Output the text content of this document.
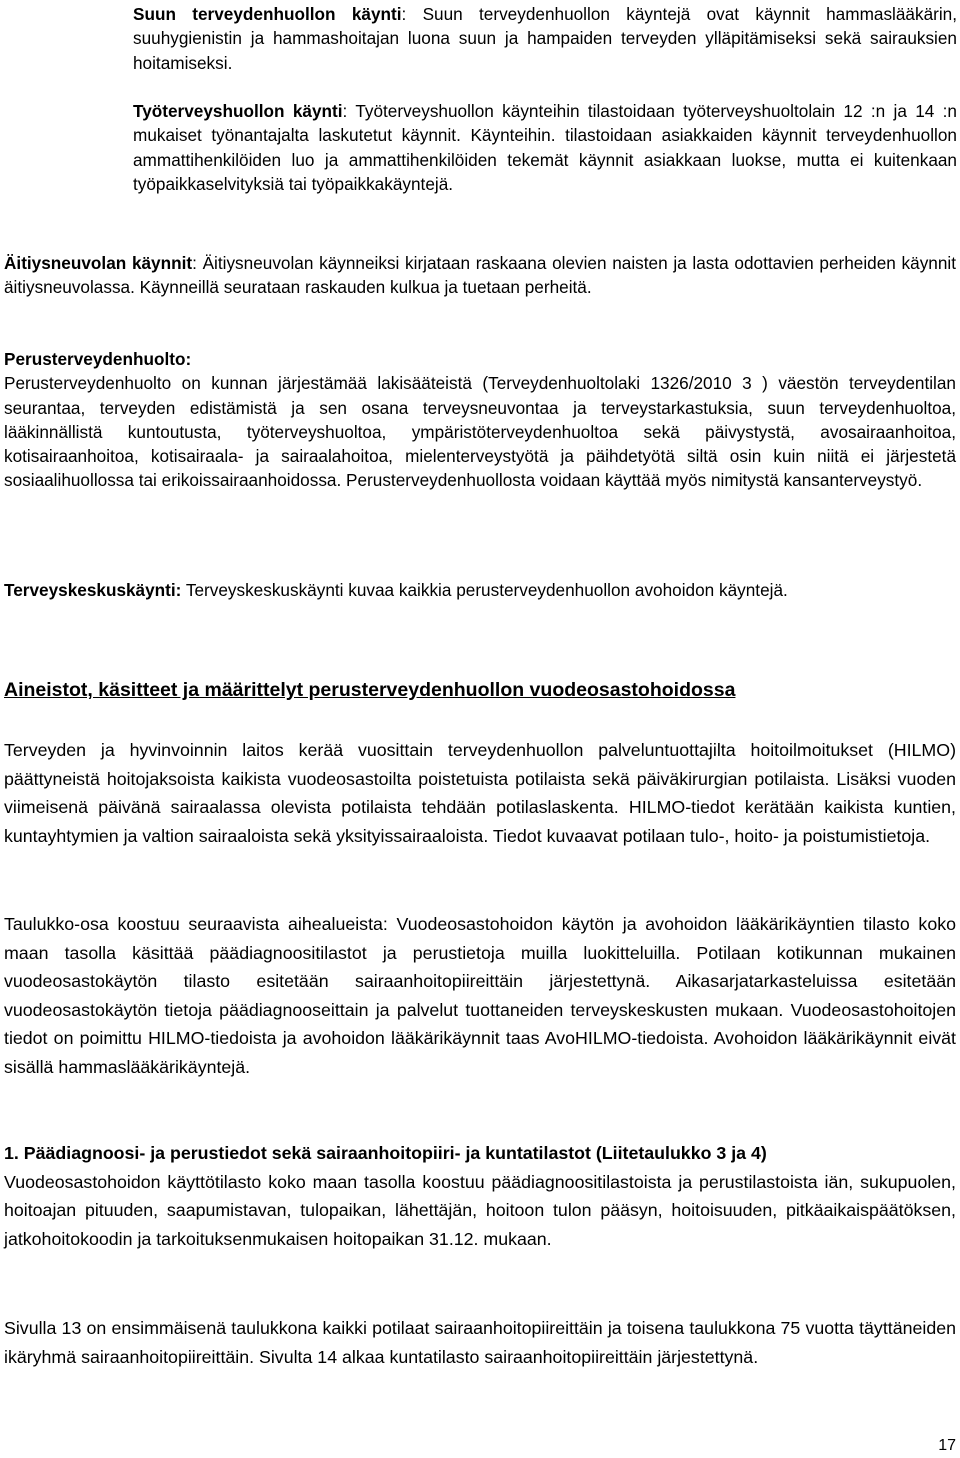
Suun terveydenhuollon käynti: Suun terveydenhuollon käyntejä ovat käynnit hammaslääkärin, suuhygienistin ja hammashoitajan luona suun ja hampaiden terveyden ylläpitämiseksi sekä sairauksien hoitamiseksi.

Työterveyshuollon käynti: Työterveyshuollon käynteihin tilastoidaan työterveyshuoltolain 12 :n ja 14 :n mukaiset työnantajalta laskutetut käynnit. Käynteihin. tilastoidaan asiakkaiden käynnit terveydenhuollon ammattihenkilöiden luo ja ammattihenkilöiden tekemät käynnit asiakkaan luokse, mutta ei kuitenkaan työpaikkaselvityksiä tai työpaikkakäyntejä.

Äitiysneuvolan käynnit: Äitiysneuvolan käynneiksi kirjataan raskaana olevien naisten ja lasta odottavien perheiden käynnit äitiysneuvolassa. Käynneillä seurataan raskauden kulkua ja tuetaan perheitä.

Perusterveydenhuolto:

Perusterveydenhuolto on kunnan järjestämää lakisääteistä (Terveydenhuoltolaki 1326/2010 3 ) väestön terveydentilan seurantaa, terveyden edistämistä ja sen osana terveysneuvontaa ja terveystarkastuksia, suun terveydenhuoltoa, lääkinnällistä kuntoutusta, työterveyshuoltoa, ympäristöterveydenhuoltoa sekä päivystystä, avosairaanhoitoa, kotisairaanhoitoa, kotisairaala- ja sairaalahoitoa, mielenterveystyötä ja päihdetyötä siltä osin kuin niitä ei järjestetä sosiaalihuollossa tai erikoissairaanhoidossa. Perusterveydenhuollosta voidaan käyttää myös nimitystä kansanterveystyö.

Terveyskeskuskäynti: Terveyskeskuskäynti kuvaa kaikkia perusterveydenhuollon avohoidon käyntejä.

Aineistot, käsitteet ja määrittelyt perusterveydenhuollon vuodeosastohoidossa

Terveyden ja hyvinvoinnin laitos kerää vuosittain terveydenhuollon palveluntuottajilta hoitoilmoitukset (HILMO) päättyneistä hoitojaksoista kaikista vuodeosastoilta poistetuista potilaista sekä päiväkirurgian potilaista. Lisäksi vuoden viimeisenä päivänä sairaalassa olevista potilaista tehdään potilaslaskenta. HILMO-tiedot kerätään kaikista kuntien, kuntayhtymien ja valtion sairaaloista sekä yksityissairaaloista. Tiedot kuvaavat potilaan tulo-, hoito- ja poistumistietoja.

Taulukko-osa koostuu seuraavista aihealueista: Vuodeosastohoidon käytön ja avohoidon lääkärikäyntien tilasto koko maan tasolla käsittää päädiagnoositilastot ja perustietoja muilla luokitteluilla. Potilaan kotikunnan mukainen vuodeosastokäytön tilasto esitetään sairaanhoitopiireittäin järjestettynä. Aikasarjatarkasteluissa esitetään vuodeosastokäytön tietoja päädiagnooseittain ja palvelut tuottaneiden terveyskeskusten mukaan. Vuodeosastohoitojen tiedot on poimittu HILMO-tiedoista ja avohoidon lääkärikäynnit taas AvoHILMO-tiedoista. Avohoidon lääkärikäynnit eivät sisällä hammaslääkärikäyntejä.

1. Päädiagnoosi- ja perustiedot sekä sairaanhoitopiiri- ja kuntatilastot (Liitetaulukko 3 ja 4)

Vuodeosastohoidon käyttötilasto koko maan tasolla koostuu päädiagnoositilastoista ja perustilastoista iän, sukupuolen, hoitoajan pituuden, saapumistavan, tulopaikan, lähettäjän, hoitoon tulon pääsyn, hoitoisuuden, pitkäaikaispäätöksen, jatkohoitokoodin ja tarkoituksenmukaisen hoitopaikan 31.12. mukaan.

Sivulla 13 on ensimmäisenä taulukkona kaikki potilaat sairaanhoitopiireittäin ja toisena taulukkona 75 vuotta täyttäneiden ikäryhmä sairaanhoitopiireittäin. Sivulta 14 alkaa kuntatilasto sairaanhoitopiireittäin järjestettynä.

17
